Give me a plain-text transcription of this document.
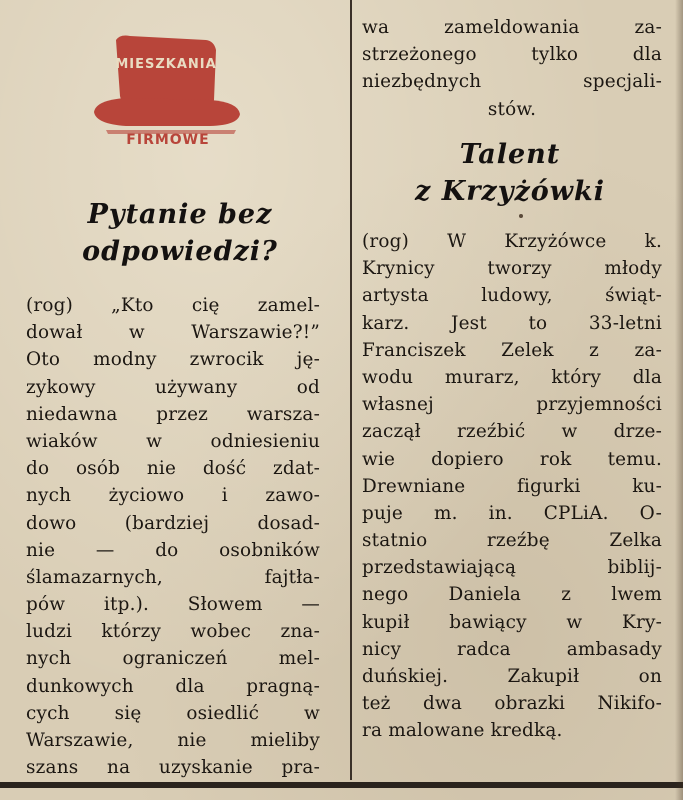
MIESZKANIA
FIRMOWE
Pytanie bez
odpowiedzi?
(rog) „Kto cię zamel-
dował w Warszawie?!”
Oto modny zwrocik ję-
zykowy używany od
niedawna przez warsza-
wiaków w odniesieniu
do osób nie dość zdat-
nych życiowo i zawo-
dowo (bardziej dosad-
nie — do osobników
ślamazarnych, fajtła-
pów itp.). Słowem —
ludzi którzy wobec zna-
nych ograniczeń mel-
dunkowych dla pragną-
cych się osiedlić w
Warszawie, nie mieliby
szans na uzyskanie pra-
wa zameldowania za-
strzeżonego tylko dla
niezbędnych specjali-
stów.
Talent
z Krzyżówki
(rog) W Krzyżówce k.
Krynicy tworzy młody
artysta ludowy, świąt-
karz. Jest to 33-letni
Franciszek Zelek z za-
wodu murarz, który dla
własnej przyjemności
zaczął rzeźbić w drze-
wie dopiero rok temu.
Drewniane figurki ku-
puje m. in. CPLiA. O-
statnio rzeźbę Zelka
przedstawiającą biblij-
nego Daniela z lwem
kupił bawiący w Kry-
nicy radca ambasady
duńskiej. Zakupił on
też dwa obrazki Nikifo-
ra malowane kredką.
